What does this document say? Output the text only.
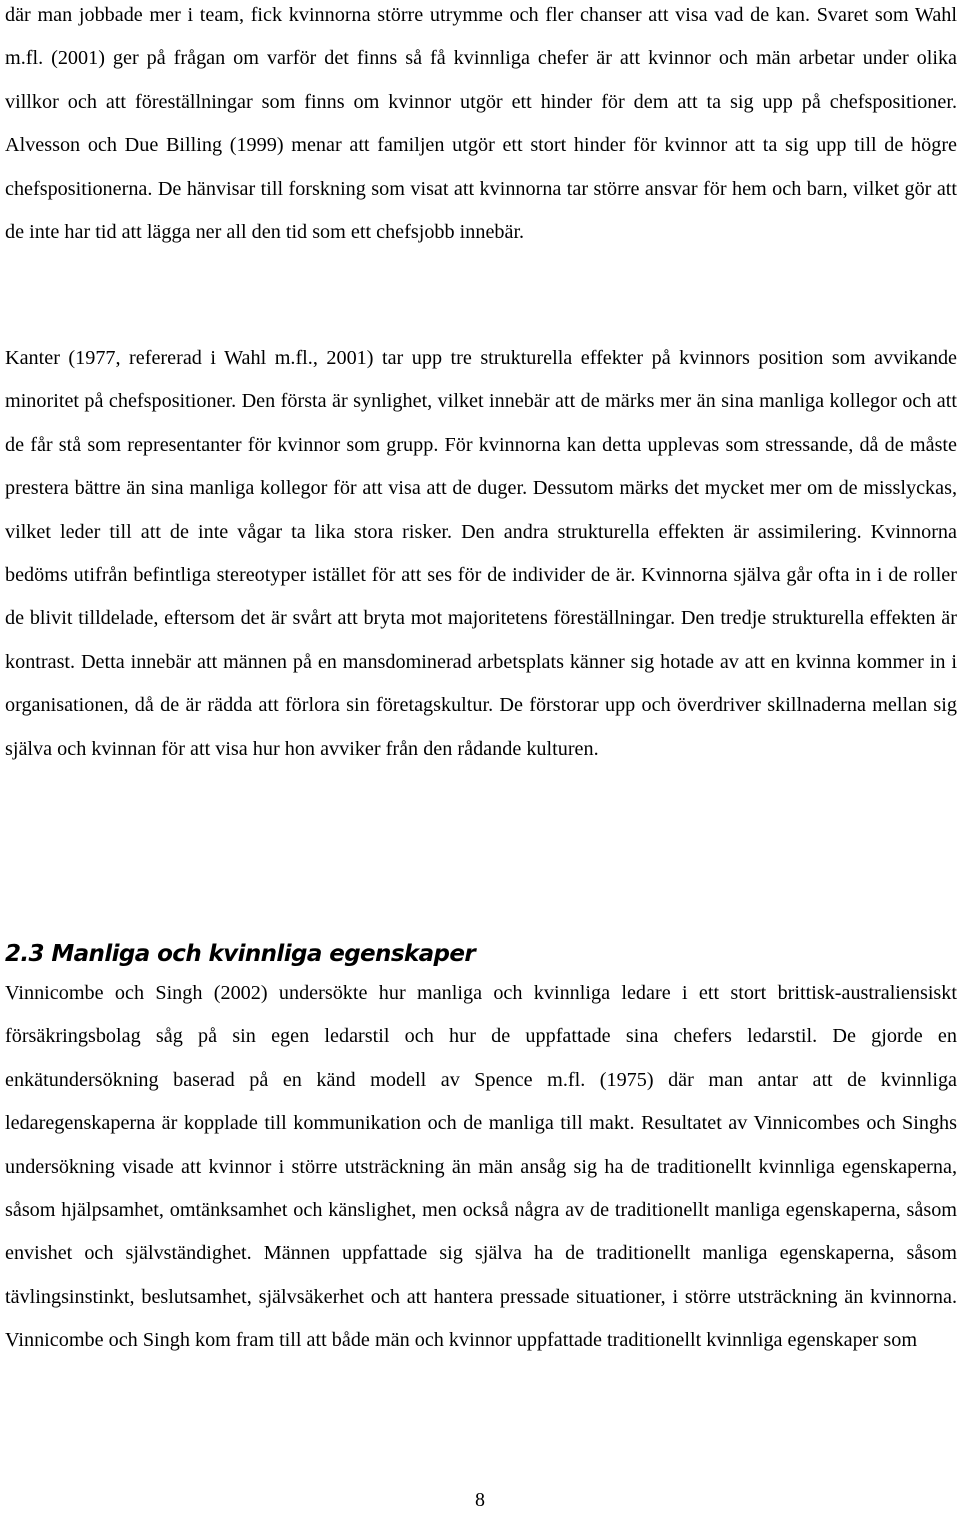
där man jobbade mer i team, fick kvinnorna större utrymme och fler chanser att visa vad de kan. Svaret som Wahl m.fl. (2001) ger på frågan om varför det finns så få kvinnliga chefer är att kvinnor och män arbetar under olika villkor och att föreställningar som finns om kvinnor utgör ett hinder för dem att ta sig upp på chefspositioner. Alvesson och Due Billing (1999) menar att familjen utgör ett stort hinder för kvinnor att ta sig upp till de högre chefspositionerna. De hänvisar till forskning som visat att kvinnorna tar större ansvar för hem och barn, vilket gör att de inte har tid att lägga ner all den tid som ett chefsjobb innebär.

Kanter (1977, refererad i Wahl m.fl., 2001) tar upp tre strukturella effekter på kvinnors position som avvikande minoritet på chefspositioner. Den första är synlighet, vilket innebär att de märks mer än sina manliga kollegor och att de får stå som representanter för kvinnor som grupp. För kvinnorna kan detta upplevas som stressande, då de måste prestera bättre än sina manliga kollegor för att visa att de duger. Dessutom märks det mycket mer om de misslyckas, vilket leder till att de inte vågar ta lika stora risker. Den andra strukturella effekten är assimilering. Kvinnorna bedöms utifrån befintliga stereotyper istället för att ses för de individer de är. Kvinnorna själva går ofta in i de roller de blivit tilldelade, eftersom det är svårt att bryta mot majoritetens föreställningar. Den tredje strukturella effekten är kontrast. Detta innebär att männen på en mansdominerad arbetsplats känner sig hotade av att en kvinna kommer in i organisationen, då de är rädda att förlora sin företagskultur. De förstorar upp och överdriver skillnaderna mellan sig själva och kvinnan för att visa hur hon avviker från den rådande kulturen.

2.3 Manliga och kvinnliga egenskaper

Vinnicombe och Singh (2002) undersökte hur manliga och kvinnliga ledare i ett stort brittisk-australiensiskt försäkringsbolag såg på sin egen ledarstil och hur de uppfattade sina chefers ledarstil. De gjorde en enkätundersökning baserad på en känd modell av Spence m.fl. (1975) där man antar att de kvinnliga ledaregenskaperna är kopplade till kommunikation och de manliga till makt. Resultatet av Vinnicombes och Singhs undersökning visade att kvinnor i större utsträckning än män ansåg sig ha de traditionellt kvinnliga egenskaperna, såsom hjälpsamhet, omtänksamhet och känslighet, men också några av de traditionellt manliga egenskaperna, såsom envishet och självständighet. Männen uppfattade sig själva ha de traditionellt manliga egenskaperna, såsom tävlingsinstinkt, beslutsamhet, självsäkerhet och att hantera pressade situationer, i större utsträckning än kvinnorna. Vinnicombe och Singh kom fram till att både män och kvinnor uppfattade traditionellt kvinnliga egenskaper som

8
